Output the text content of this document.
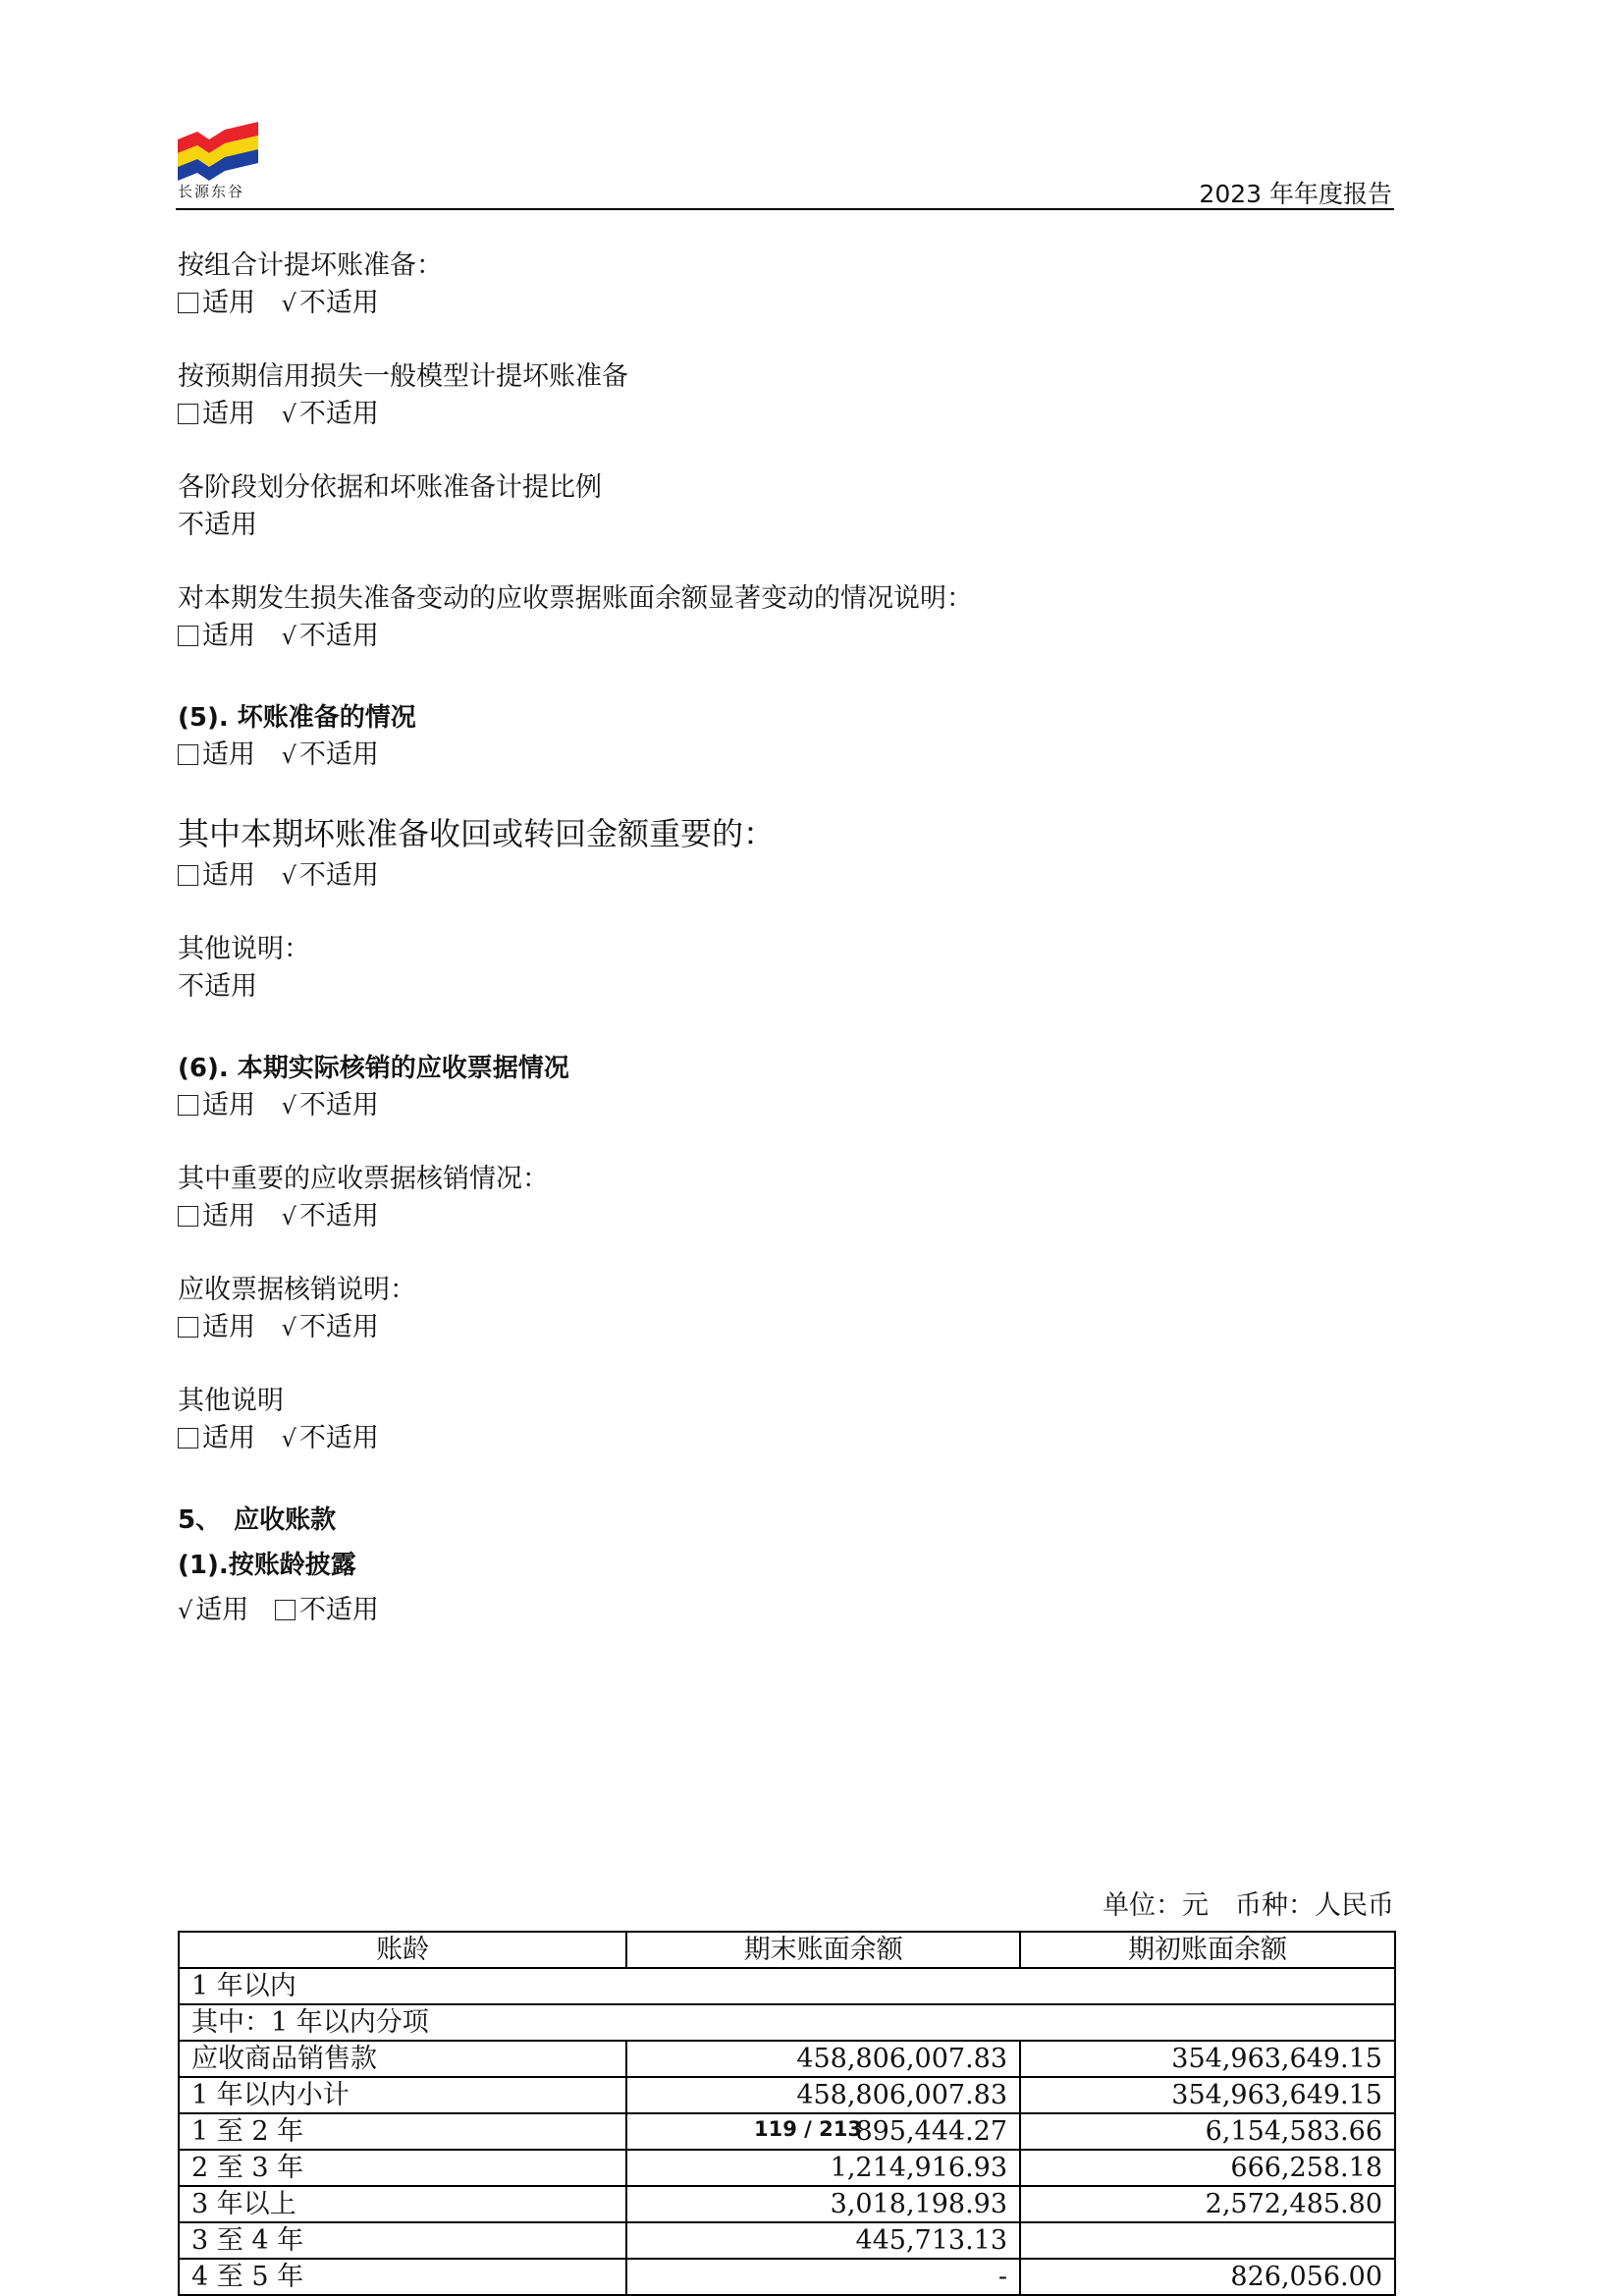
长源东谷	2023 年年度报告
按组合计提坏账准备：
适用 √ 不适用
按预期信用损失一般模型计提坏账准备
适用 √ 不适用
各阶段划分依据和坏账准备计提比例
不适用
对本期发生损失准备变动的应收票据账面余额显著变动的情况说明：
适用 √ 不适用
(5). 坏账准备的情况
适用 √ 不适用
其中本期坏账准备收回或转回金额重要的：
适用 √ 不适用
其他说明：
不适用
(6). 本期实际核销的应收票据情况
适用 √ 不适用
其中重要的应收票据核销情况：
适用 √ 不适用
应收票据核销说明：
适用 √ 不适用
其他说明
适用 √ 不适用
5、　应收账款
(1).按账龄披露
√ 适用 不适用
单位：元　币种：人民币
账龄	期末账面余额	期初账面余额
1 年以内		
其中：1 年以内分项		
应收商品销售款	458,806,007.83	354,963,649.15
1 年以内小计	458,806,007.83	354,963,649.15
1 至 2 年	895,444.27	6,154,583.66
2 至 3 年	1,214,916.93	666,258.18
3 年以上	3,018,198.93	2,572,485.80
3 至 4 年	445,713.13	
4 至 5 年	-	826,056.00
119 / 213
